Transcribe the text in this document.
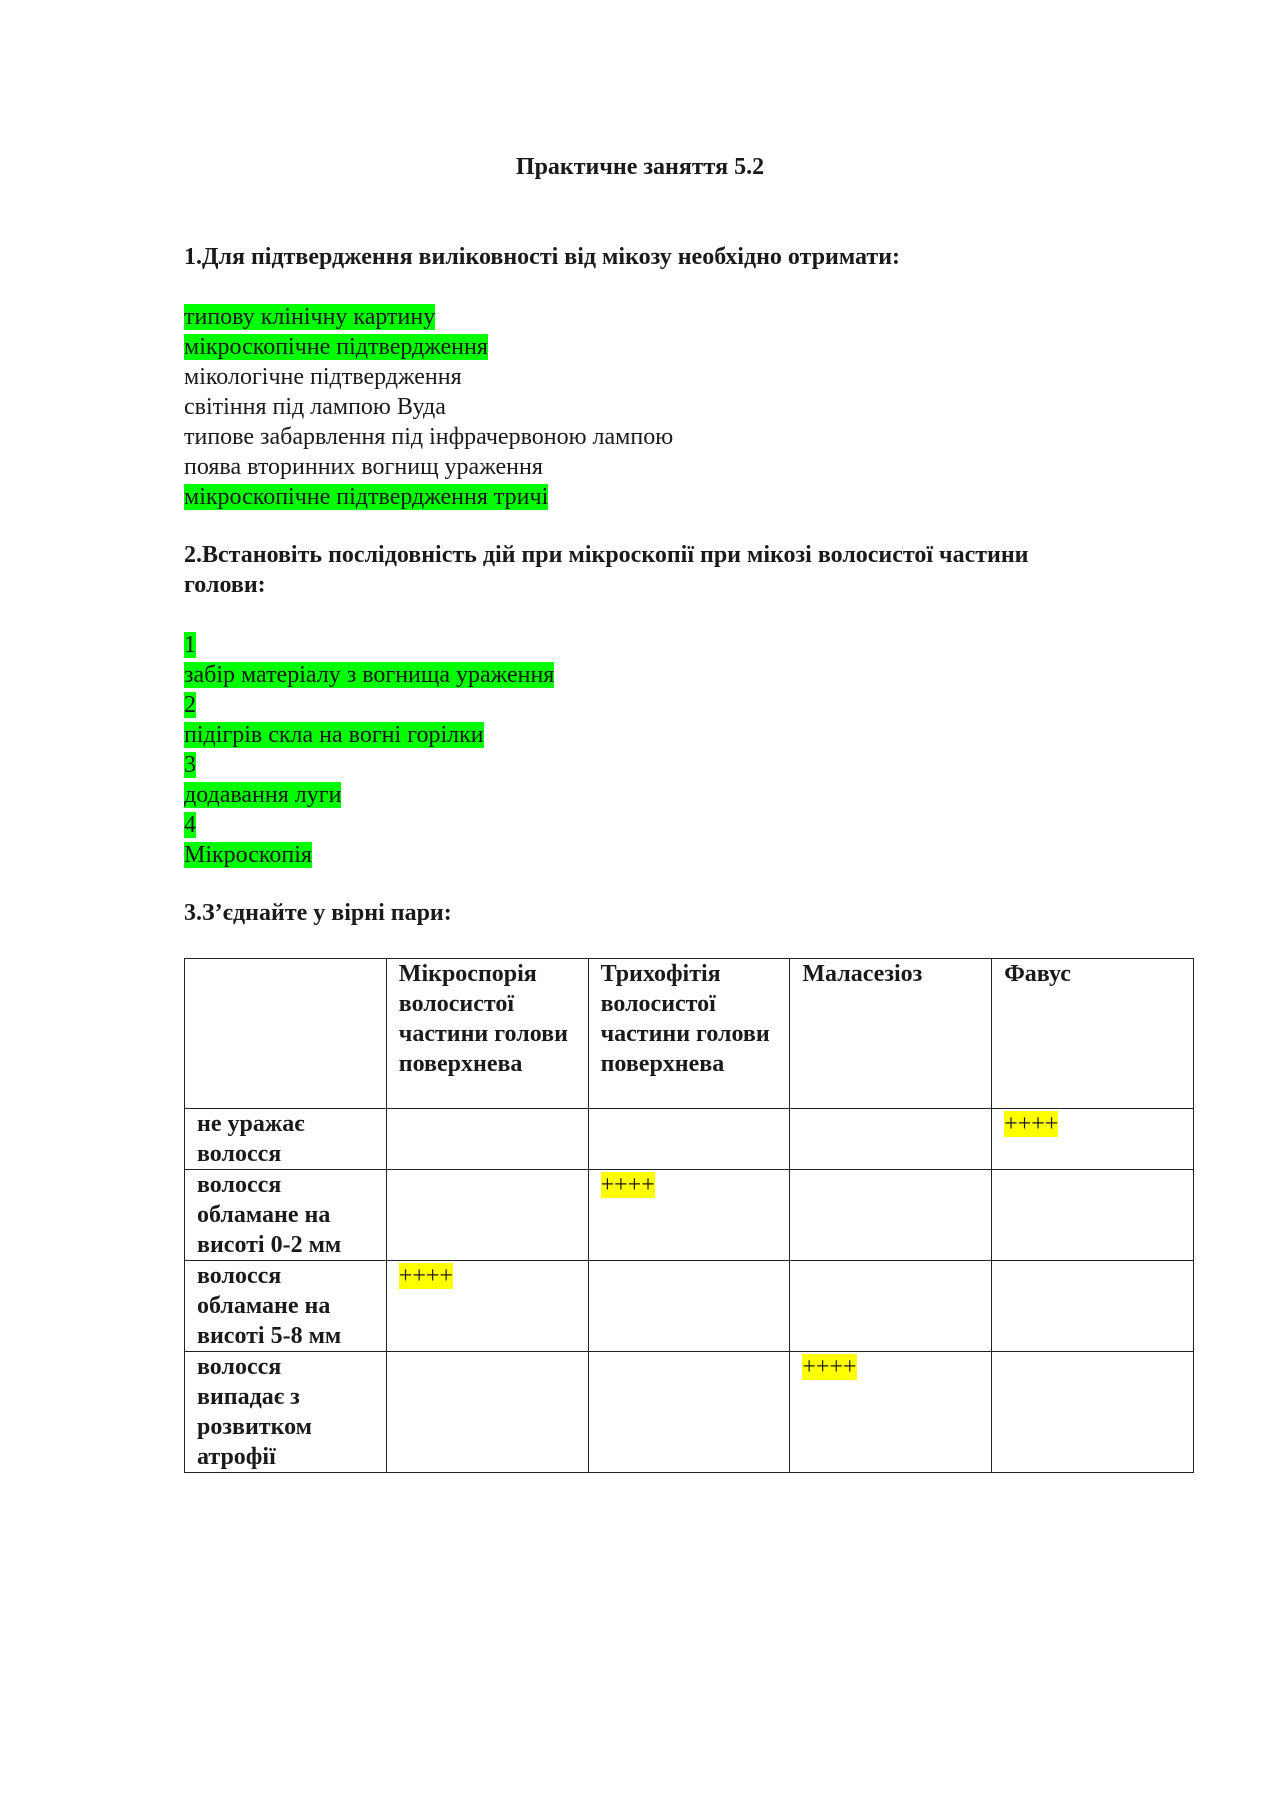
Практичне заняття 5.2

1.Для підтвердження виліковності від мікозу необхідно отримати:

типову клінічну картину

мікроскопічне підтвердження

мікологічне підтвердження

світіння під лампою Вуда

типове забарвлення під інфрачервоною лампою

поява вторинних вогнищ ураження

мікроскопічне підтвердження тричі

2.Встановіть послідовність дій при мікроскопії при мікозі волосистої частини голови:

1

забір матеріалу з вогнища ураження

2

підігрів скла на вогні горілки

3

додавання луги

4

Мікроскопія

3.З’єднайте у вірні пари:

	Мікроспорія волосистої частини голови поверхнева	Трихофітія волосистої частини голови поверхнева	Маласезіоз	Фавус
не уражає волосся				++++
волосся обламане на висоті 0-2 мм		++++		
волосся обламане на висоті 5-8 мм	++++			
волосся випадає з розвитком атрофії			++++	
